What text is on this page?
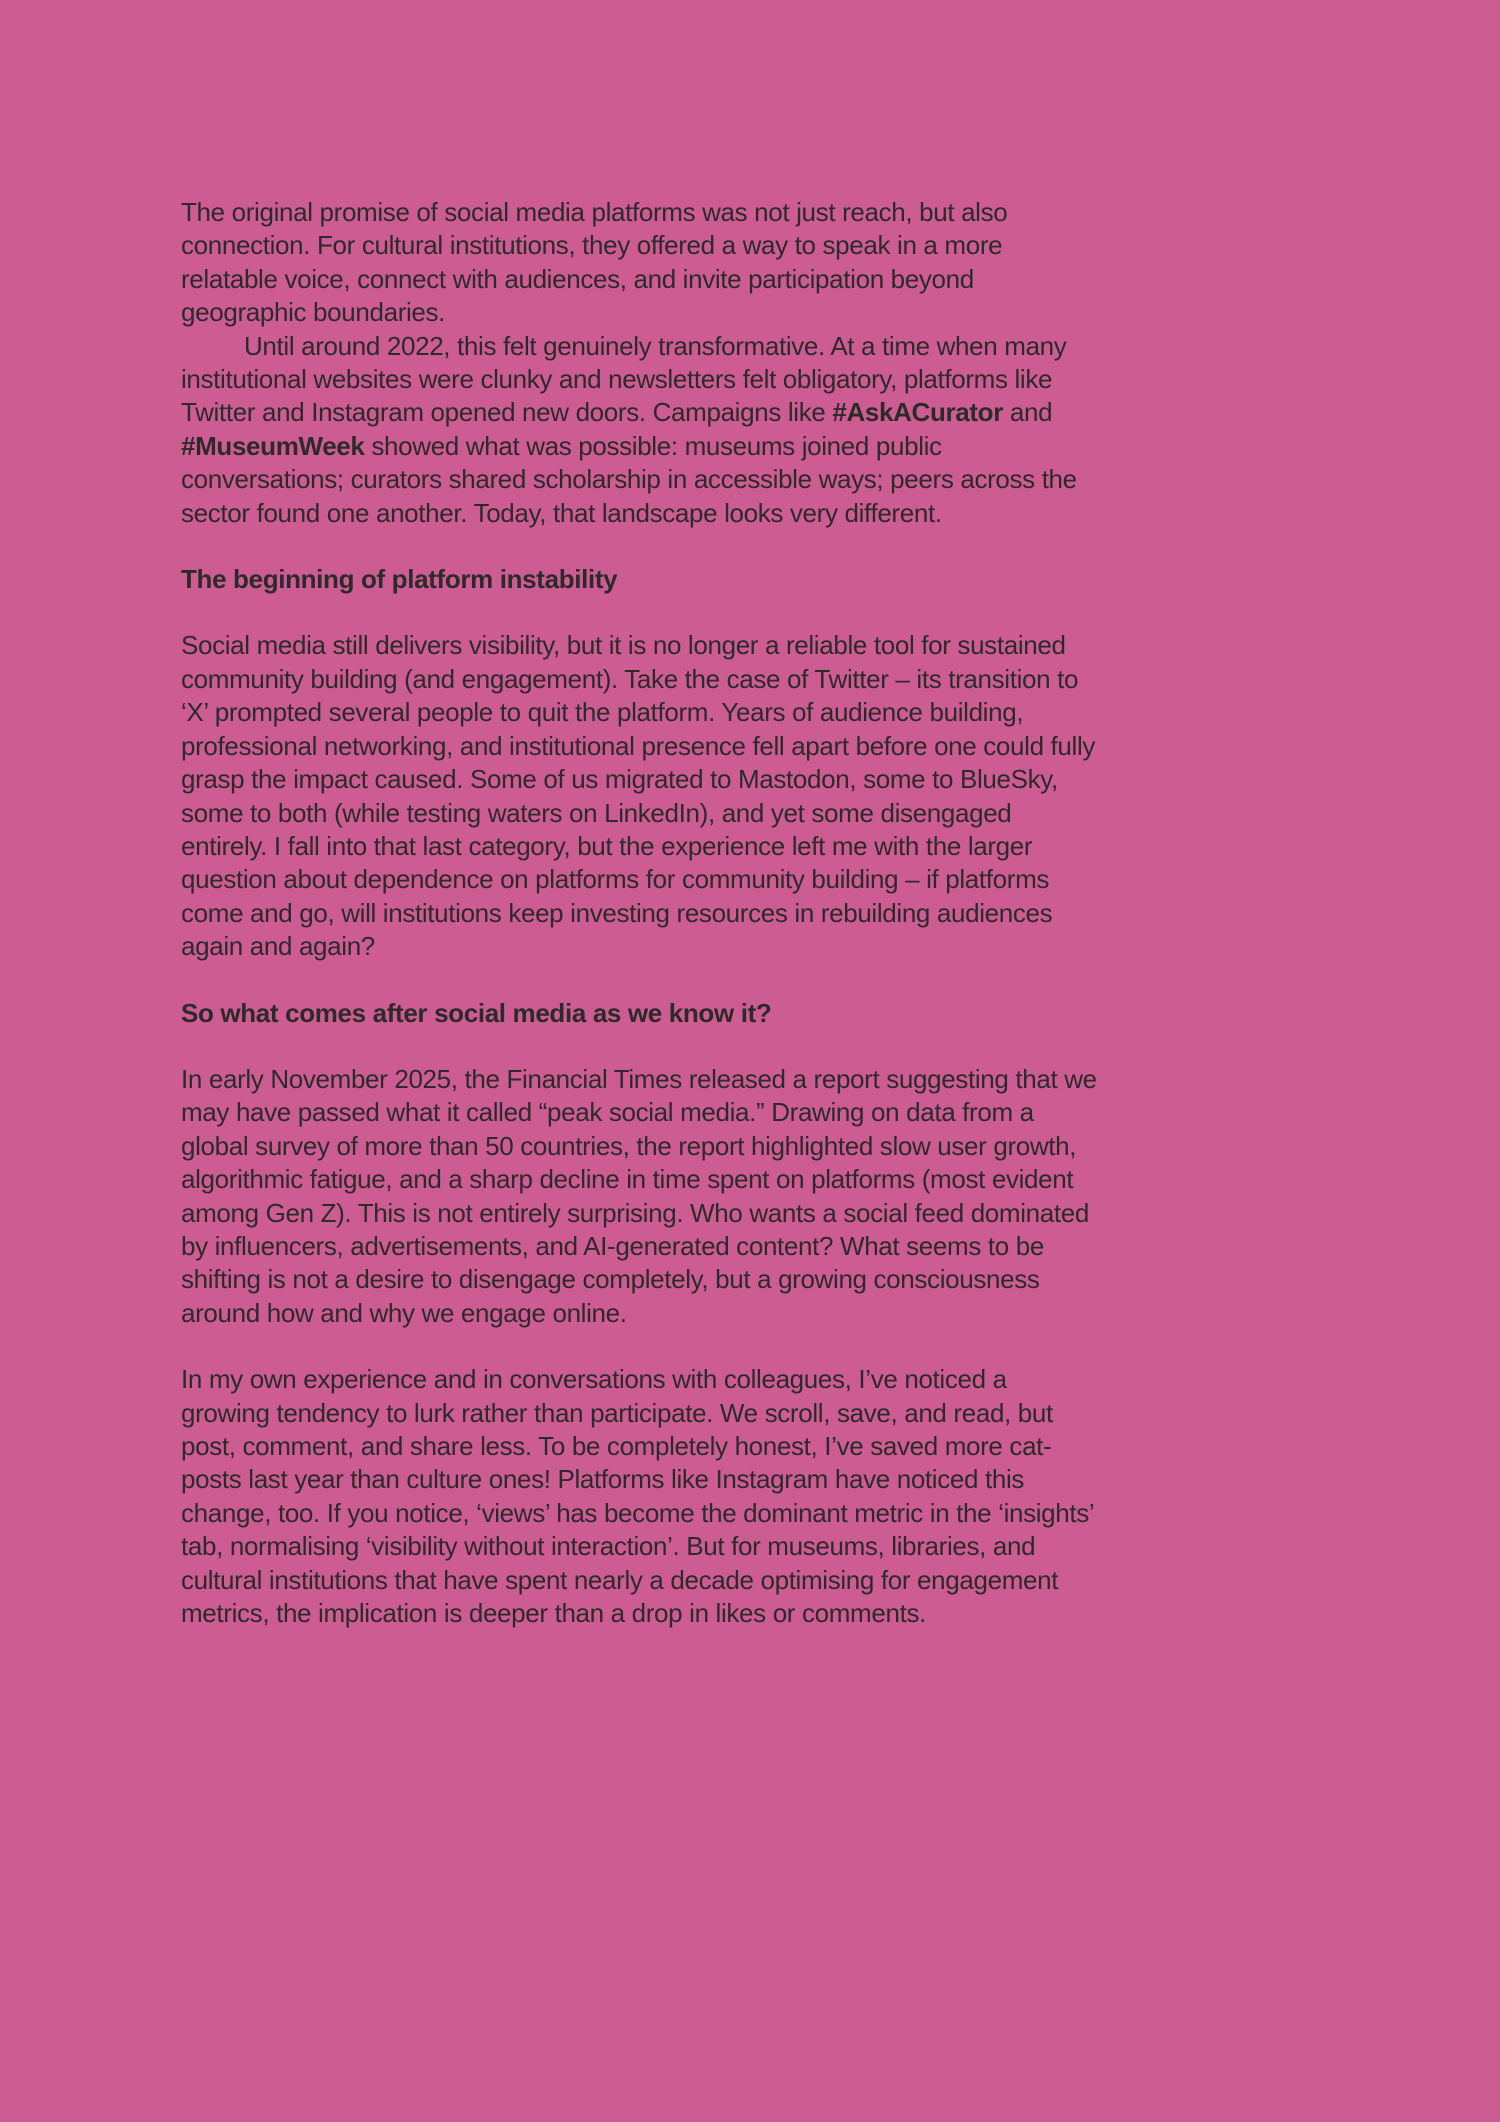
The original promise of social media platforms was not just reach, but also connection. For cultural institutions, they offered a way to speak in a more relatable voice, connect with audiences, and invite participation beyond geographic boundaries.

Until around 2022, this felt genuinely transformative. At a time when many institutional websites were clunky and newsletters felt obligatory, platforms like Twitter and Instagram opened new doors. Campaigns like #AskACurator and #MuseumWeek showed what was possible: museums joined public conversations; curators shared scholarship in accessible ways; peers across the sector found one another. Today, that landscape looks very different.

The beginning of platform instability

Social media still delivers visibility, but it is no longer a reliable tool for sustained community building (and engagement). Take the case of Twitter – its transition to ‘X’ prompted several people to quit the platform. Years of audience building, professional networking, and institutional presence fell apart before one could fully grasp the impact caused. Some of us migrated to Mastodon, some to BlueSky, some to both (while testing waters on LinkedIn), and yet some disengaged entirely. I fall into that last category, but the experience left me with the larger question about dependence on platforms for community building – if platforms come and go, will institutions keep investing resources in rebuilding audiences again and again?

So what comes after social media as we know it?

In early November 2025, the Financial Times released a report suggesting that we may have passed what it called “peak social media.” Drawing on data from a global survey of more than 50 countries, the report highlighted slow user growth, algorithmic fatigue, and a sharp decline in time spent on platforms (most evident among Gen Z). This is not entirely surprising. Who wants a social feed dominated by influencers, advertisements, and AI-generated content? What seems to be shifting is not a desire to disengage completely, but a growing consciousness around how and why we engage online.

In my own experience and in conversations with colleagues, I’ve noticed a growing tendency to lurk rather than participate. We scroll, save, and read, but post, comment, and share less. To be completely honest, I’ve saved more cat-posts last year than culture ones! Platforms like Instagram have noticed this change, too. If you notice, ‘views’ has become the dominant metric in the ‘insights’ tab, normalising ‘visibility without interaction’. But for museums, libraries, and cultural institutions that have spent nearly a decade optimising for engagement metrics, the implication is deeper than a drop in likes or comments.
